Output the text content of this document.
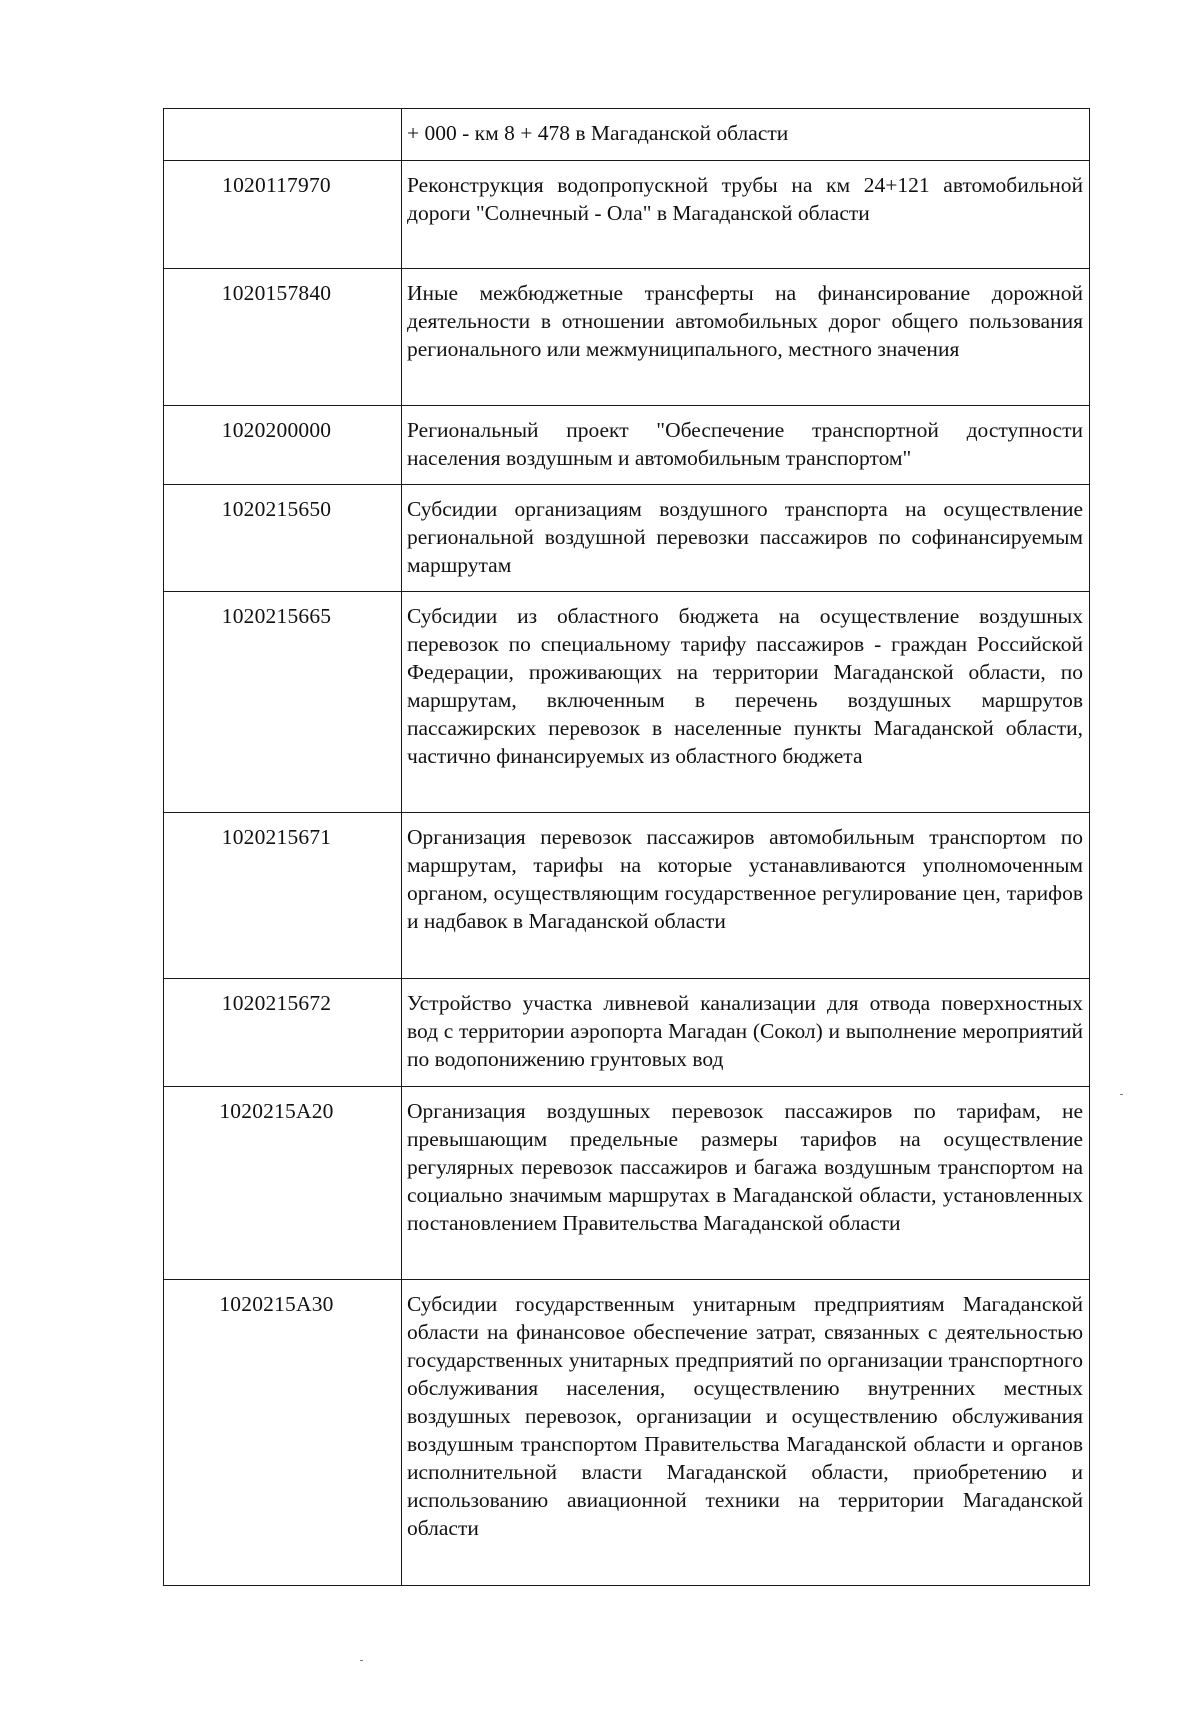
	+ 000 - км 8 + 478 в Магаданской области
1020117970	Реконструкция водопропускной трубы на км 24+121 автомобильной дороги "Солнечный - Ола" в Магаданской области
1020157840	Иные межбюджетные трансферты на финансирование дорожной деятельности в отношении автомобильных дорог общего пользования регионального или межмуниципального, местного значения
1020200000	Региональный проект "Обеспечение транспортной доступности населения воздушным и автомобильным транспортом"
1020215650	Субсидии организациям воздушного транспорта на осуществление региональной воздушной перевозки пассажиров по софинансируемым маршрутам
1020215665	Субсидии из областного бюджета на осуществление воздушных перевозок по специальному тарифу пассажиров - граждан Российской Федерации, проживающих на территории Магаданской области, по маршрутам, включенным в перечень воздушных маршрутов пассажирских перевозок в населенные пункты Магаданской области, частично финансируемых из областного бюджета
1020215671	Организация перевозок пассажиров автомобильным транспортом по маршрутам, тарифы на которые устанавливаются уполномоченным органом, осуществляющим государственное регулирование цен, тарифов и надбавок в Магаданской области
1020215672	Устройство участка ливневой канализации для отвода поверхностных вод с территории аэропорта Магадан (Сокол) и выполнение мероприятий по водопонижению грунтовых вод
1020215А20	Организация воздушных перевозок пассажиров по тарифам, не превышающим предельные размеры тарифов на осуществление регулярных перевозок пассажиров и багажа воздушным транспортом на социально значимым маршрутах в Магаданской области, установленных постановлением Правительства Магаданской области
1020215А30	Субсидии государственным унитарным предприятиям Магаданской области на финансовое обеспечение затрат, связанных с деятельностью государственных унитарных предприятий по организации транспортного обслуживания населения, осуществлению внутренних местных воздушных перевозок, организации и осуществлению обслуживания воздушным транспортом Правительства Магаданской области и органов исполнительной власти Магаданской области, приобретению и использованию авиационной техники на территории Магаданской области
